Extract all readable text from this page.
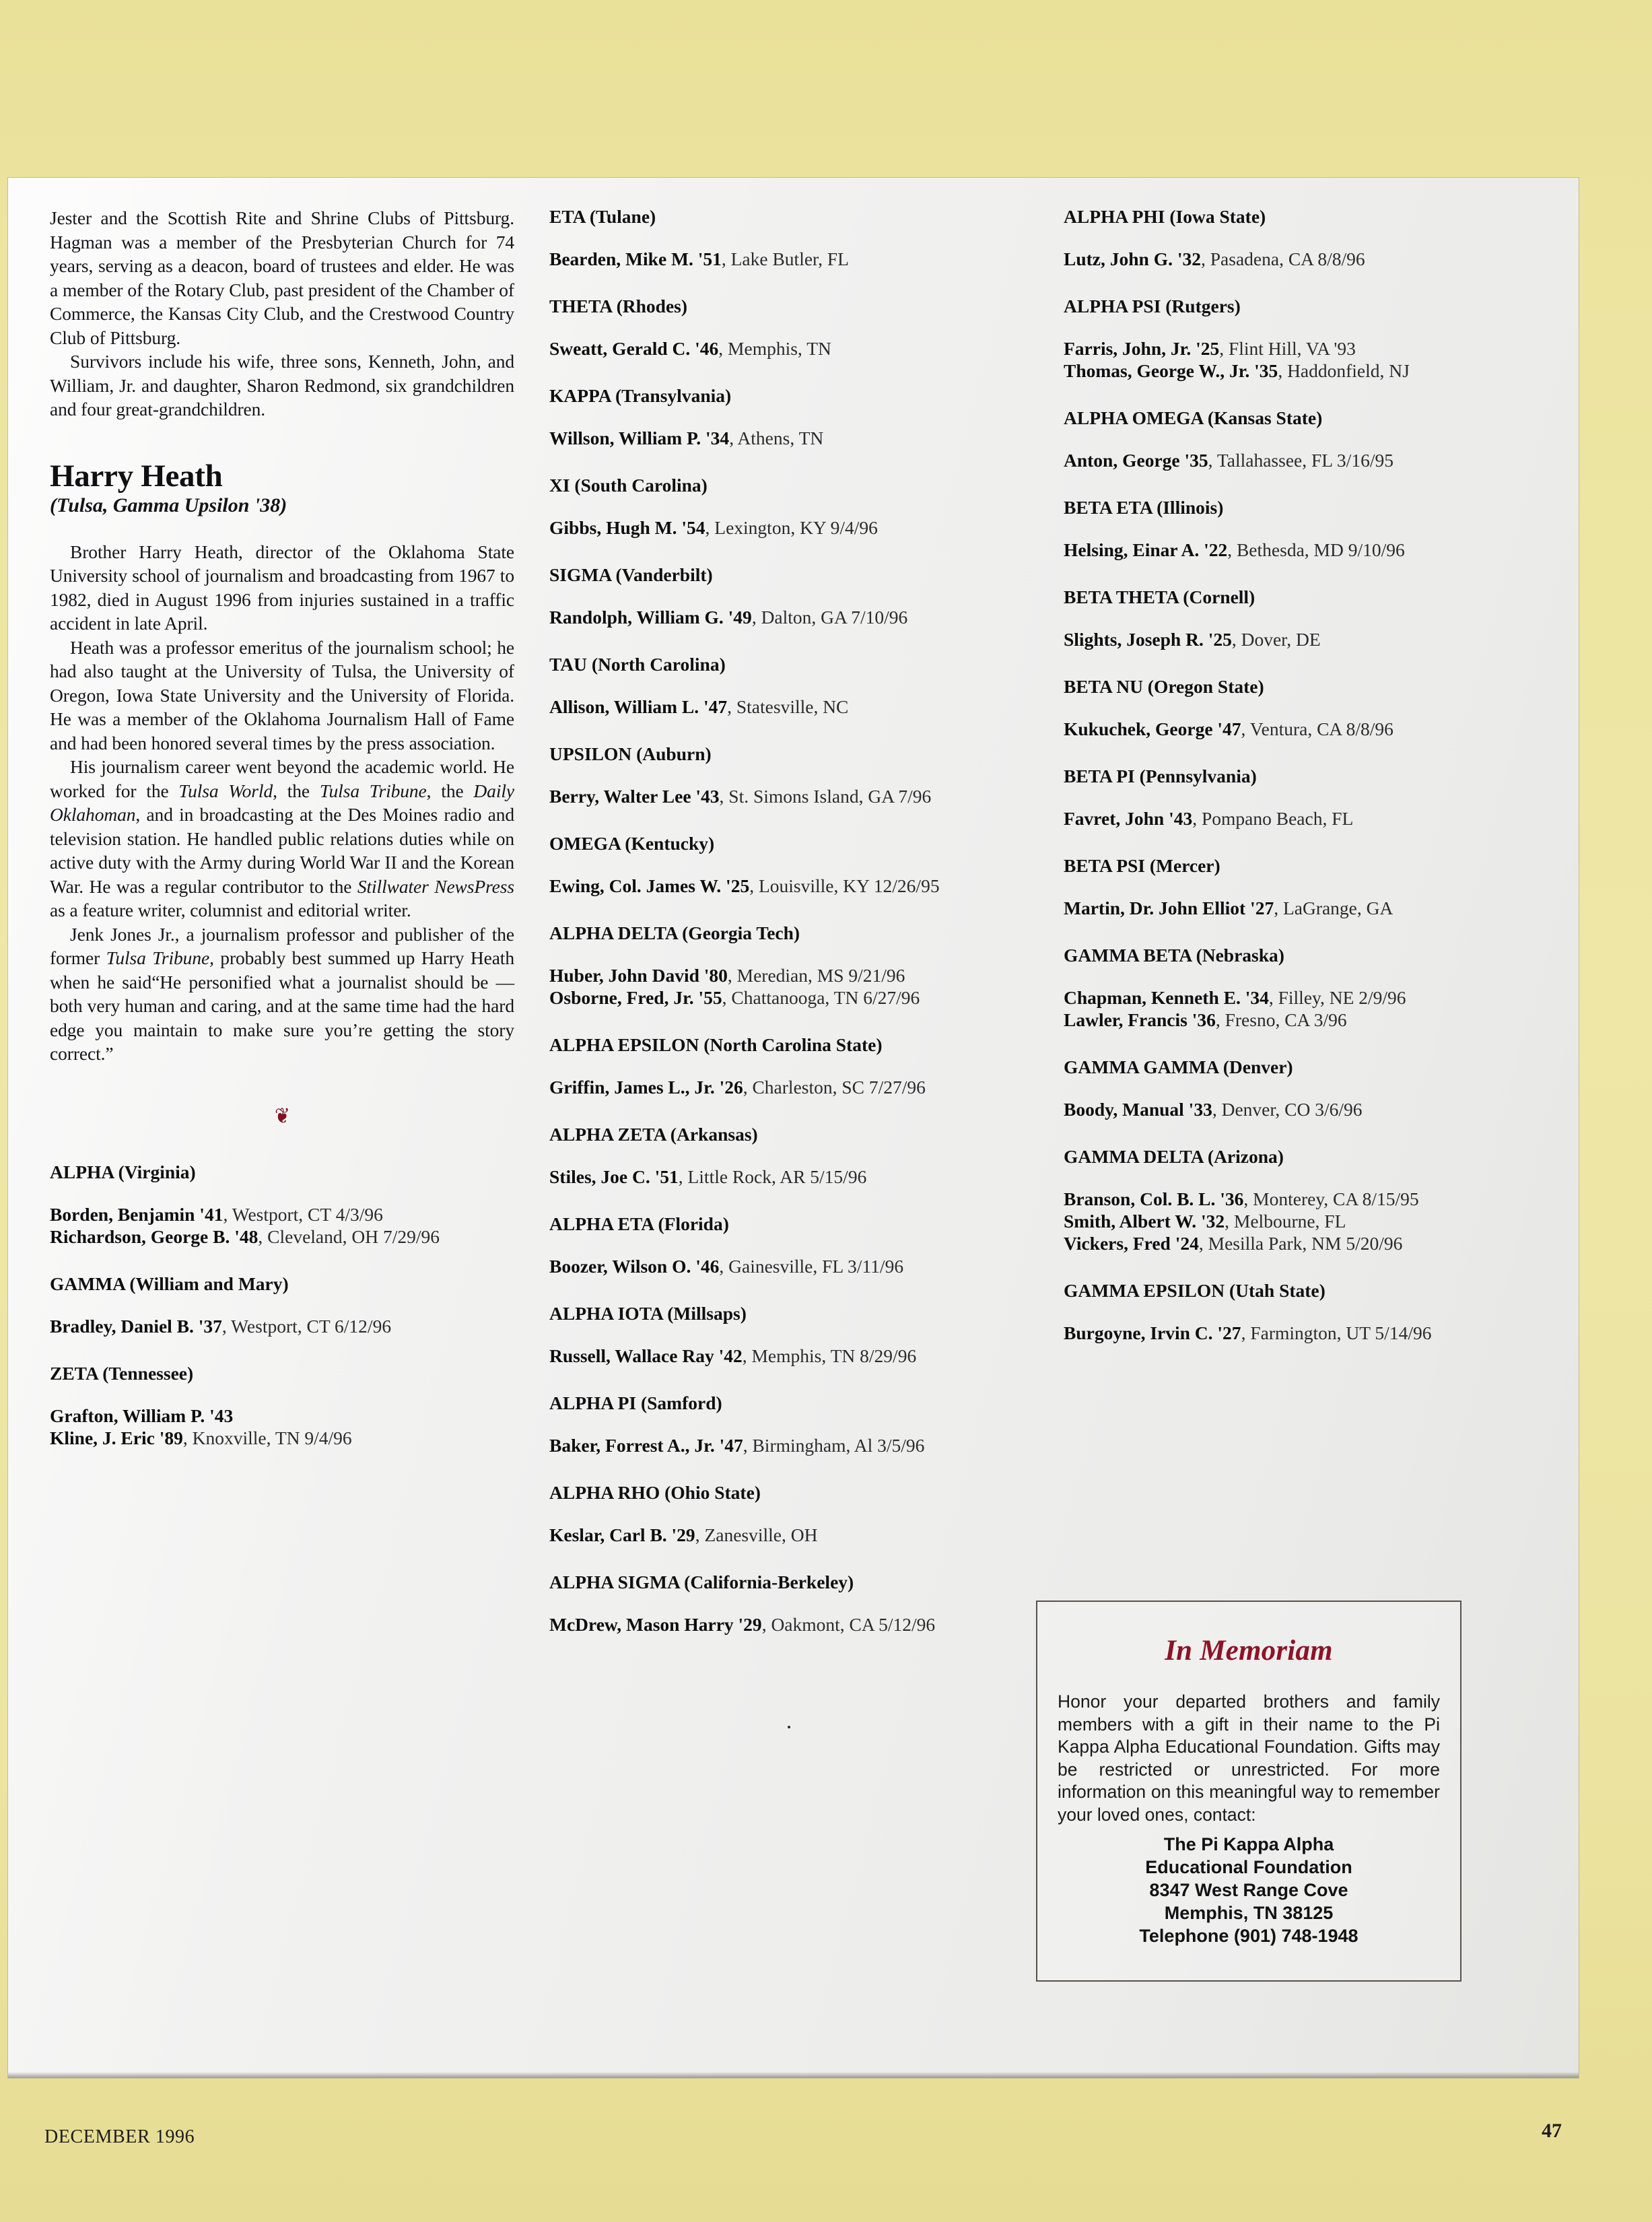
Jester and the Scottish Rite and Shrine Clubs of Pittsburg. Hagman was a member of the Presbyterian Church for 74 years, serving as a deacon, board of trustees and elder. He was a member of the Rotary Club, past president of the Chamber of Commerce, the Kansas City Club, and the Crestwood Country Club of Pittsburg.

Survivors include his wife, three sons, Kenneth, John, and William, Jr. and daughter, Sharon Redmond, six grandchildren and four great-grandchildren.

Harry Heath
(Tulsa, Gamma Upsilon '38)

Brother Harry Heath, director of the Oklahoma State University school of journalism and broadcasting from 1967 to 1982, died in August 1996 from injuries sustained in a traffic accident in late April.

Heath was a professor emeritus of the journalism school; he had also taught at the University of Tulsa, the University of Oregon, Iowa State University and the University of Florida. He was a member of the Oklahoma Journalism Hall of Fame and had been honored several times by the press association.

His journalism career went beyond the academic world. He worked for the Tulsa World, the Tulsa Tribune, the Daily Oklahoman, and in broadcasting at the Des Moines radio and television station. He handled public relations duties while on active duty with the Army during World War II and the Korean War. He was a regular contributor to the Stillwater NewsPress as a feature writer, columnist and editorial writer.

Jenk Jones Jr., a journalism professor and publisher of the former Tulsa Tribune, probably best summed up Harry Heath when he said“He personified what a journalist should be — both very human and caring, and at the same time had the hard edge you maintain to make sure you’re getting the story correct.”

❦
ALPHA (Virginia)
Borden, Benjamin '41, Westport, CT 4/3/96
Richardson, George B. '48, Cleveland, OH 7/29/96
GAMMA (William and Mary)
Bradley, Daniel B. '37, Westport, CT 6/12/96
ZETA (Tennessee)
Grafton, William P. '43
Kline, J. Eric '89, Knoxville, TN 9/4/96
ETA (Tulane)
Bearden, Mike M. '51, Lake Butler, FL
THETA (Rhodes)
Sweatt, Gerald C. '46, Memphis, TN
KAPPA (Transylvania)
Willson, William P. '34, Athens, TN
XI (South Carolina)
Gibbs, Hugh M. '54, Lexington, KY 9/4/96
SIGMA (Vanderbilt)
Randolph, William G. '49, Dalton, GA 7/10/96
TAU (North Carolina)
Allison, William L. '47, Statesville, NC
UPSILON (Auburn)
Berry, Walter Lee '43, St. Simons Island, GA 7/96
OMEGA (Kentucky)
Ewing, Col. James W. '25, Louisville, KY 12/26/95
ALPHA DELTA (Georgia Tech)
Huber, John David '80, Meredian, MS 9/21/96
Osborne, Fred, Jr. '55, Chattanooga, TN 6/27/96
ALPHA EPSILON (North Carolina State)
Griffin, James L., Jr. '26, Charleston, SC 7/27/96
ALPHA ZETA (Arkansas)
Stiles, Joe C. '51, Little Rock, AR 5/15/96
ALPHA ETA (Florida)
Boozer, Wilson O. '46, Gainesville, FL 3/11/96
ALPHA IOTA (Millsaps)
Russell, Wallace Ray '42, Memphis, TN 8/29/96
ALPHA PI (Samford)
Baker, Forrest A., Jr. '47, Birmingham, Al 3/5/96
ALPHA RHO (Ohio State)
Keslar, Carl B. '29, Zanesville, OH
ALPHA SIGMA (California-Berkeley)
McDrew, Mason Harry '29, Oakmont, CA 5/12/96
·
ALPHA PHI (Iowa State)
Lutz, John G. '32, Pasadena, CA 8/8/96
ALPHA PSI (Rutgers)
Farris, John, Jr. '25, Flint Hill, VA '93
Thomas, George W., Jr. '35, Haddonfield, NJ
ALPHA OMEGA (Kansas State)
Anton, George '35, Tallahassee, FL 3/16/95
BETA ETA (Illinois)
Helsing, Einar A. '22, Bethesda, MD 9/10/96
BETA THETA (Cornell)
Slights, Joseph R. '25, Dover, DE
BETA NU (Oregon State)
Kukuchek, George '47, Ventura, CA 8/8/96
BETA PI (Pennsylvania)
Favret, John '43, Pompano Beach, FL
BETA PSI (Mercer)
Martin, Dr. John Elliot '27, LaGrange, GA
GAMMA BETA (Nebraska)
Chapman, Kenneth E. '34, Filley, NE 2/9/96
Lawler, Francis '36, Fresno, CA 3/96
GAMMA GAMMA (Denver)
Boody, Manual '33, Denver, CO 3/6/96
GAMMA DELTA (Arizona)
Branson, Col. B. L. '36, Monterey, CA 8/15/95
Smith, Albert W. '32, Melbourne, FL
Vickers, Fred '24, Mesilla Park, NM 5/20/96
GAMMA EPSILON (Utah State)
Burgoyne, Irvin C. '27, Farmington, UT 5/14/96
In Memoriam

Honor your departed brothers and family members with a gift in their name to the Pi Kappa Alpha Educational Foundation. Gifts may be restricted or unrestricted. For more information on this meaningful way to remember your loved ones, contact:

The Pi Kappa Alpha
Educational Foundation
8347 West Range Cove
Memphis, TN 38125
Telephone (901) 748-1948
DECEMBER 1996	47
